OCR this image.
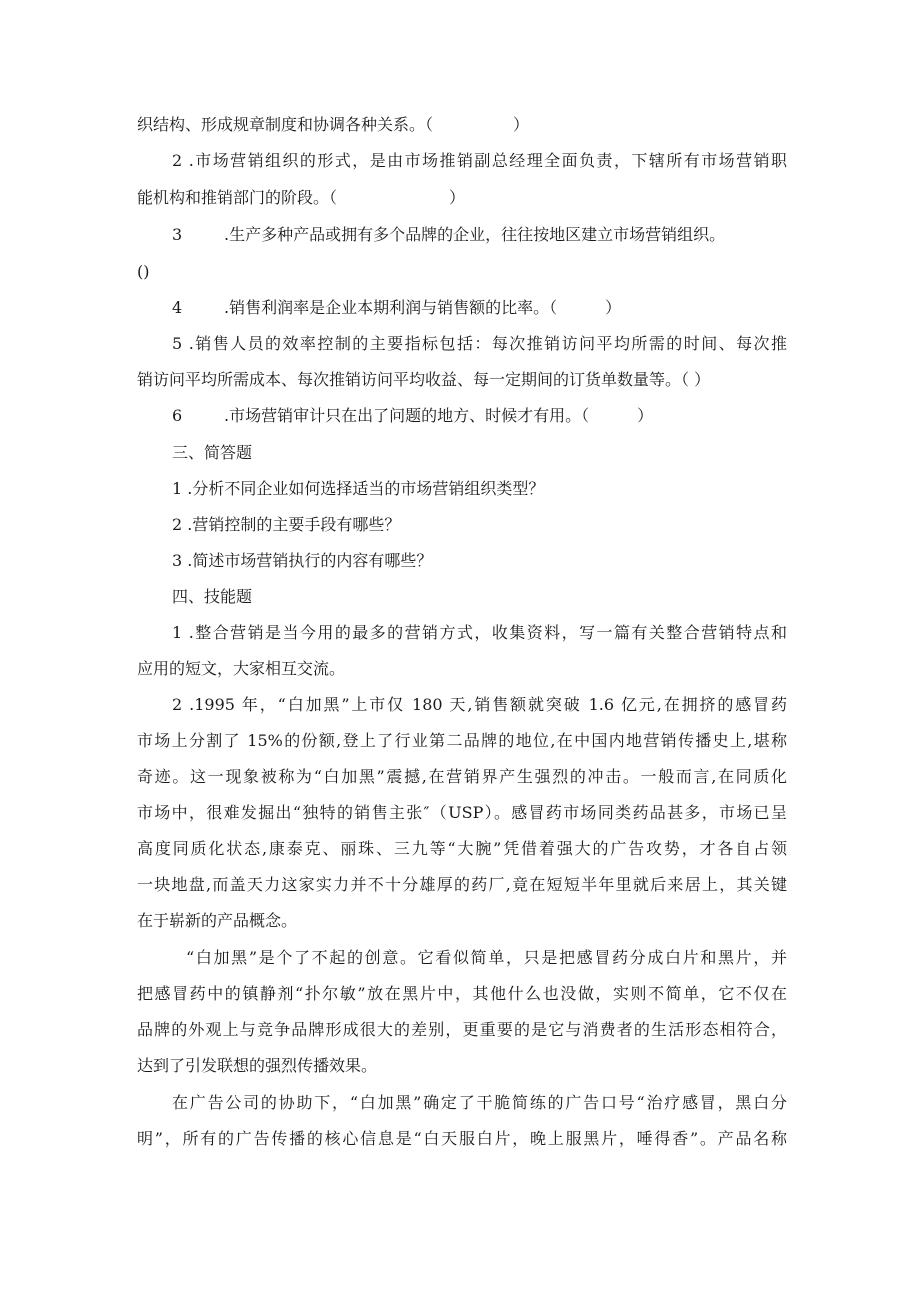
织结构、形成规章制度和协调各种关系。（　　　　　）
2 .市场营销组织的形式，是由市场推销副总经理全面负责，下辖所有市场营销职
能机构和推销部门的阶段。（　　　　　　　）
3	.生产多种产品或拥有多个品牌的企业，往往按地区建立市场营销组织。
()
4	.销售利润率是企业本期利润与销售额的比率。（　　　）
5 .销售人员的效率控制的主要指标包括：每次推销访问平均所需的时间、每次推
销访问平均所需成本、每次推销访问平均收益、每一定期间的订货单数量等。（ ）
6	.市场营销审计只在出了问题的地方、时候才有用。（　　　）
三、简答题
1 .分析不同企业如何选择适当的市场营销组织类型？
2 .营销控制的主要手段有哪些？
3 .简述市场营销执行的内容有哪些？
四、技能题
1 .整合营销是当今用的最多的营销方式，收集资料，写一篇有关整合营销特点和
应用的短文，大家相互交流。
2 .1995 年，“白加黑”上市仅 180 天,销售额就突破 1.6 亿元,在拥挤的感冒药
市场上分割了 15%的份额,登上了行业第二品牌的地位,在中国内地营销传播史上,堪称
奇迹。这一现象被称为“白加黑”震撼,在营销界产生强烈的冲击。一般而言,在同质化
市场中，很难发掘出“独特的销售主张″（USP）。感冒药市场同类药品甚多，市场已呈
高度同质化状态,康泰克、丽珠、三九等“大腕”凭借着强大的广告攻势，才各自占领
一块地盘,而盖天力这家实力并不十分雄厚的药厂,竟在短短半年里就后来居上，其关键
在于崭新的产品概念。
“白加黑”是个了不起的创意。它看似简单，只是把感冒药分成白片和黑片，并
把感冒药中的镇静剂“扑尔敏”放在黑片中，其他什么也没做，实则不简单，它不仅在
品牌的外观上与竞争品牌形成很大的差别，更重要的是它与消费者的生活形态相符合，
达到了引发联想的强烈传播效果。
在广告公司的协助下，“白加黑”确定了干脆简练的广告口号“治疗感冒，黑白分
明”，所有的广告传播的核心信息是“白天服白片，晚上服黑片，唾得香”。产品名称
